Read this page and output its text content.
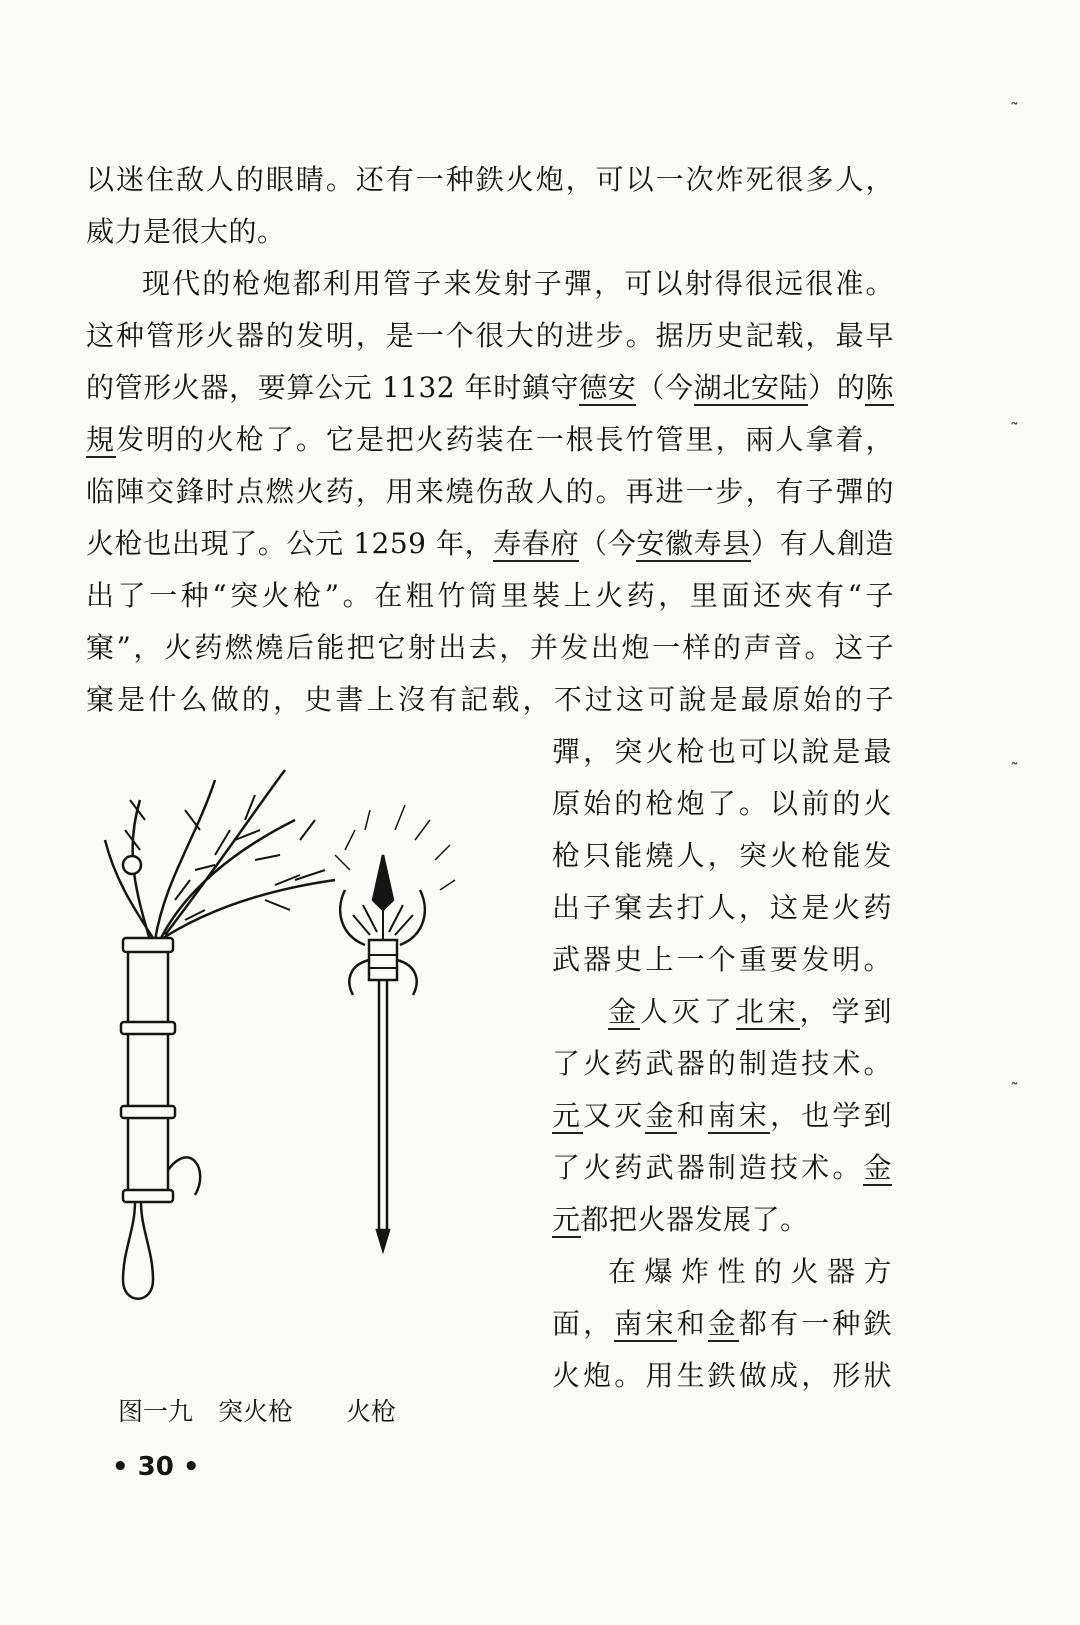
以迷住敌人的眼睛。还有一种鉄火炮，可以一次炸死很多人，
威力是很大的。
现代的枪炮都利用管子来发射子彈，可以射得很远很准。
这种管形火器的发明，是一个很大的进步。据历史記载，最早
的管形火器，要算公元 1132 年时鎮守德安（今湖北安陆）的陈
規发明的火枪了。它是把火药装在一根長竹管里，兩人拿着，
临陣交鋒时点燃火药，用来燒伤敌人的。再进一步，有子彈的
火枪也出現了。公元 1259 年，寿春府（今安徽寿县）有人創造
出了一种“突火枪”。在粗竹筒里裝上火药，里面还夾有“子
窠”，火药燃燒后能把它射出去，并发出炮一样的声音。这子
窠是什么做的，史書上沒有記载，不过这可說是最原始的子
彈，突火枪也可以說是最
原始的枪炮了。以前的火
枪只能燒人，突火枪能发
出子窠去打人，这是火药
武器史上一个重要发明。
金人灭了北宋，学到
了火药武器的制造技术。
元又灭金和南宋，也学到
了火药武器制造技术。金
元都把火器发展了。
在爆炸性的火器方
面，南宋和金都有一种鉄
火炮。用生鉄做成，形狀
图一九 突火枪 火枪
• 30 •
˜
˜
˜
˜
